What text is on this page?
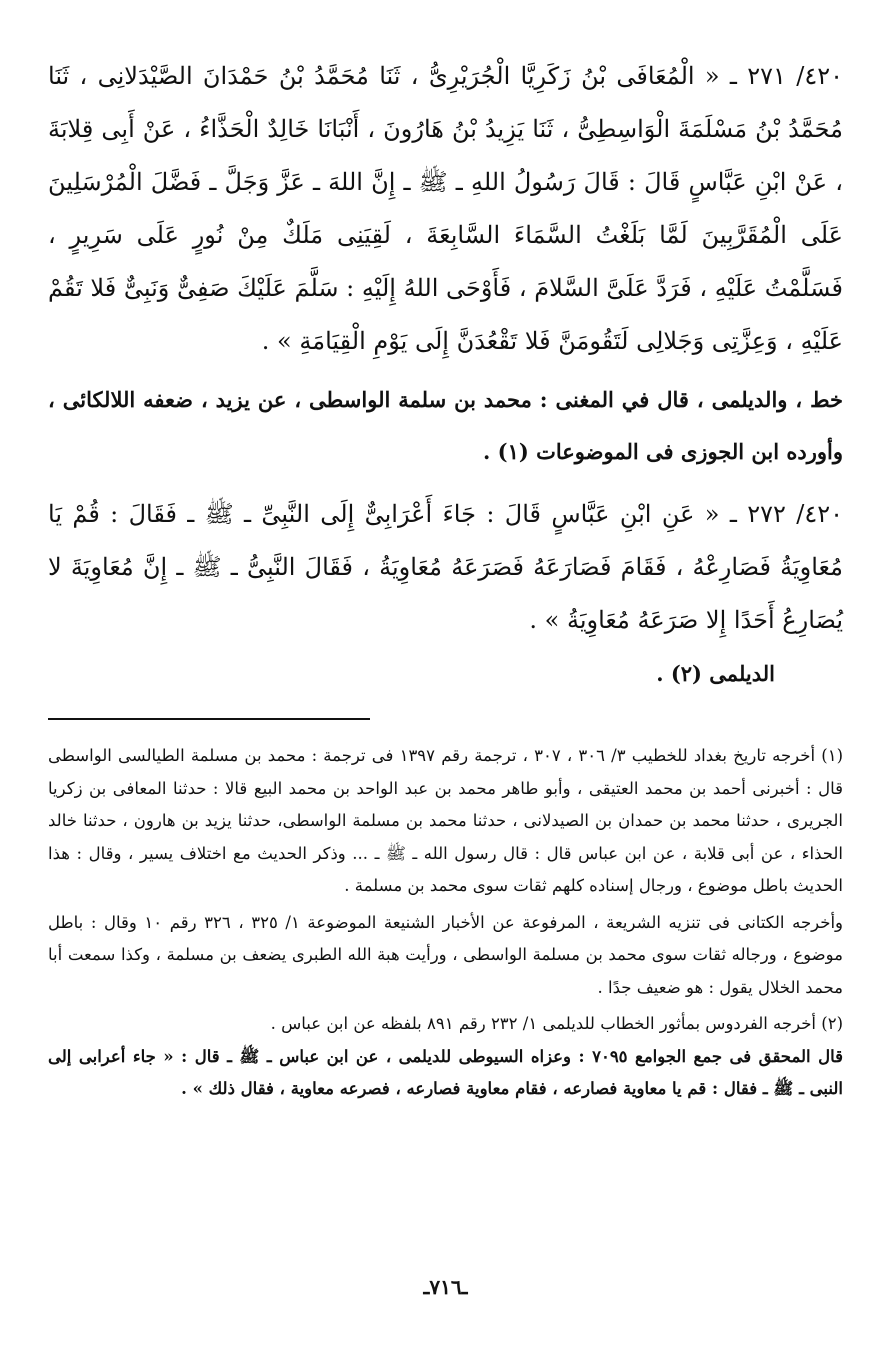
٤٢٠/ ٢٧١ ـ « الْمُعَافَى بْنُ زَكَرِيَّا الْجُرَيْرِىُّ ، ثَنَا مُحَمَّدُ بْنُ حَمْدَانَ الصَّيْدَلانِى ، ثَنَا مُحَمَّدُ بْنُ مَسْلَمَةَ الْوَاسِطِىُّ ، ثَنَا يَزِيدُ بْنُ هَارُونَ ، أَنْبَانَا خَالِدٌ الْحَذَّاءُ ، عَنْ أَبِى قِلابَةَ ، عَنْ ابْنِ عَبَّاسٍ قَالَ : قَالَ رَسُولُ اللهِ ـ ﷺ ـ إِنَّ اللهَ ـ عَزَّ وَجَلَّ ـ فَضَّلَ الْمُرْسَلِينَ عَلَى الْمُقَرَّبِينَ لَمَّا بَلَغْتُ السَّمَاءَ السَّابِعَةَ ، لَقِيَنِى مَلَكٌ مِنْ نُورٍ عَلَى سَرِيرٍ ، فَسَلَّمْتُ عَلَيْهِ ، فَرَدَّ عَلَىَّ السَّلامَ ، فَأَوْحَى اللهُ إِلَيْهِ : سَلَّمَ عَلَيْكَ صَفِىٌّ وَنَبِىٌّ فَلا تَقُمْ عَلَيْهِ ، وَعِزَّتِى وَجَلالِى لَتَقُومَنَّ فَلا تَقْعُدَنَّ إِلَى يَوْمِ الْقِيَامَةِ » .

خط ، والديلمى ، قال في المغنى : محمد بن سلمة الواسطى ، عن يزيد ، ضعفه اللالكائى ، وأورده ابن الجوزى فى الموضوعات (١) .

٤٢٠/ ٢٧٢ ـ « عَنِ ابْنِ عَبَّاسٍ قَالَ : جَاءَ أَعْرَابِىٌّ إِلَى النَّبِىِّ ـ ﷺ ـ فَقَالَ : قُمْ يَا مُعَاوِيَةُ فَصَارِعْهُ ، فَقَامَ فَصَارَعَهُ فَصَرَعَهُ مُعَاوِيَةُ ، فَقَالَ النَّبِىُّ ـ ﷺ ـ إِنَّ مُعَاوِيَةَ لا يُصَارِعُ أَحَدًا إِلا صَرَعَهُ مُعَاوِيَةُ » .

الديلمى (٢) .

(١) أخرجه تاريخ بغداد للخطيب ٣/ ٣٠٦ ، ٣٠٧ ، ترجمة رقم ١٣٩٧ فى ترجمة : محمد بن مسلمة الطيالسى الواسطى قال : أخبرنى أحمد بن محمد العتيقى ، وأبو طاهر محمد بن عبد الواحد بن محمد البيع قالا : حدثنا المعافى بن زكريا الجريرى ، حدثنا محمد بن حمدان بن الصيدلانى ، حدثنا محمد بن مسلمة الواسطى، حدثنا يزيد بن هارون ، حدثنا خالد الحذاء ، عن أبى قلابة ، عن ابن عباس قال : قال رسول الله ـ ﷺ ـ ... وذكر الحديث مع اختلاف يسير ، وقال : هذا الحديث باطل موضوع ، ورجال إسناده كلهم ثقات سوى محمد بن مسلمة .

وأخرجه الكتانى فى تنزيه الشريعة ، المرفوعة عن الأخبار الشنيعة الموضوعة ١/ ٣٢٥ ، ٣٢٦ رقم ١٠ وقال : باطل موضوع ، ورجاله ثقات سوى محمد بن مسلمة الواسطى ، ورأيت هبة الله الطبرى يضعف بن مسلمة ، وكذا سمعت أبا محمد الخلال يقول : هو ضعيف جدًا .

(٢) أخرجه الفردوس بمأثور الخطاب للديلمى ١/ ٢٣٢ رقم ٨٩١ بلفظه عن ابن عباس .

قال المحقق فى جمع الجوامع ٧٠٩٥ : وعزاه السيوطى للديلمى ، عن ابن عباس ـ ﷺ ـ قال : « جاء أعرابى إلى النبى ـ ﷺ ـ فقال : قم يا معاوية فصارعه ، فقام معاوية فصارعه ، فصرعه معاوية ، فقال ذلك » .

ـ٧١٦ـ
